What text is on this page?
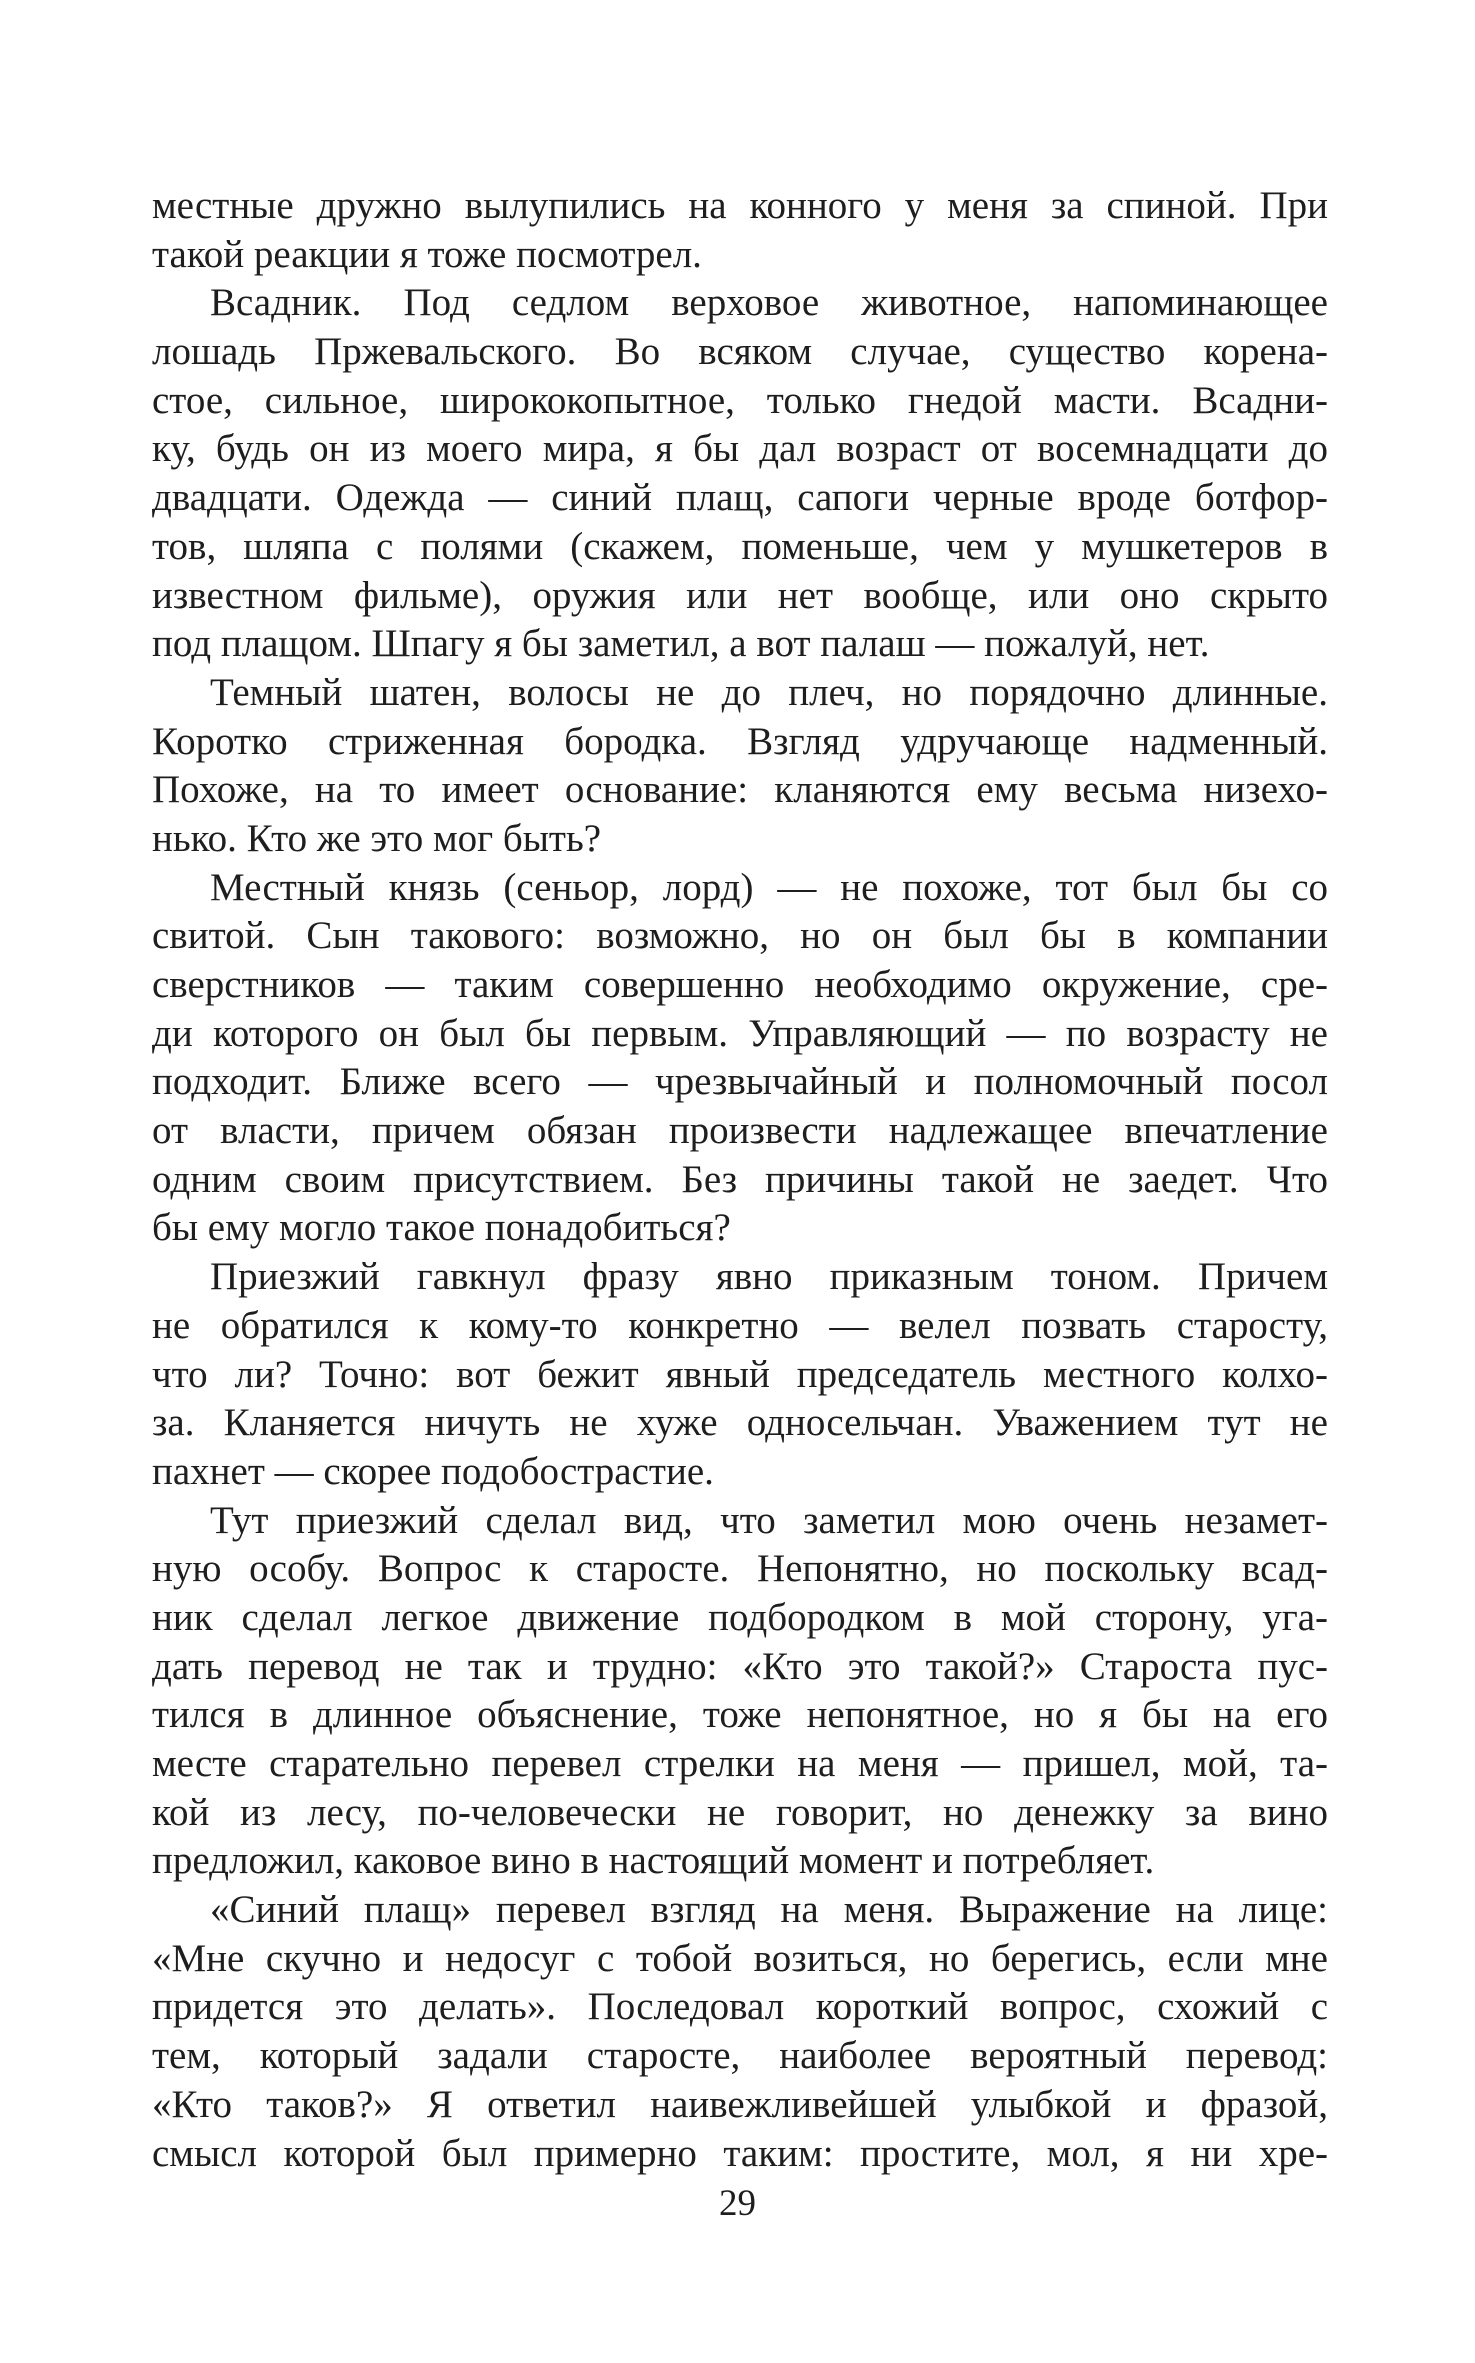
местные дружно вылупились на конного у меня за спиной. При
такой реакции я тоже посмотрел.
Всадник. Под седлом верховое животное, напоминающее
лошадь Пржевальского. Во всяком случае, существо корена-
стое, сильное, ширококопытное, только гнедой масти. Всадни-
ку, будь он из моего мира, я бы дал возраст от восемнадцати до
двадцати. Одежда — синий плащ, сапоги черные вроде ботфор-
тов, шляпа с полями (скажем, поменьше, чем у мушкетеров в
известном фильме), оружия или нет вообще, или оно скрыто
под плащом. Шпагу я бы заметил, а вот палаш — пожалуй, нет.
Темный шатен, волосы не до плеч, но порядочно длинные.
Коротко стриженная бородка. Взгляд удручающе надменный.
Похоже, на то имеет основание: кланяются ему весьма низехо-
нько. Кто же это мог быть?
Местный князь (сеньор, лорд) — не похоже, тот был бы со
свитой. Сын такового: возможно, но он был бы в компании
сверстников — таким совершенно необходимо окружение, сре-
ди которого он был бы первым. Управляющий — по возрасту не
подходит. Ближе всего — чрезвычайный и полномочный посол
от власти, причем обязан произвести надлежащее впечатление
одним своим присутствием. Без причины такой не заедет. Что
бы ему могло такое понадобиться?
Приезжий гавкнул фразу явно приказным тоном. Причем
не обратился к кому-то конкретно — велел позвать старосту,
что ли? Точно: вот бежит явный председатель местного колхо-
за. Кланяется ничуть не хуже односельчан. Уважением тут не
пахнет — скорее подобострастие.
Тут приезжий сделал вид, что заметил мою очень незамет-
ную особу. Вопрос к старосте. Непонятно, но поскольку всад-
ник сделал легкое движение подбородком в мой сторону, уга-
дать перевод не так и трудно: «Кто это такой?» Староста пус-
тился в длинное объяснение, тоже непонятное, но я бы на его
месте старательно перевел стрелки на меня — пришел, мой, та-
кой из лесу, по-человечески не говорит, но денежку за вино
предложил, каковое вино в настоящий момент и потребляет.
«Синий плащ» перевел взгляд на меня. Выражение на лице:
«Мне скучно и недосуг с тобой возиться, но берегись, если мне
придется это делать». Последовал короткий вопрос, схожий с
тем, который задали старосте, наиболее вероятный перевод:
«Кто таков?» Я ответил наивежливейшей улыбкой и фразой,
смысл которой был примерно таким: простите, мол, я ни хре-
29
